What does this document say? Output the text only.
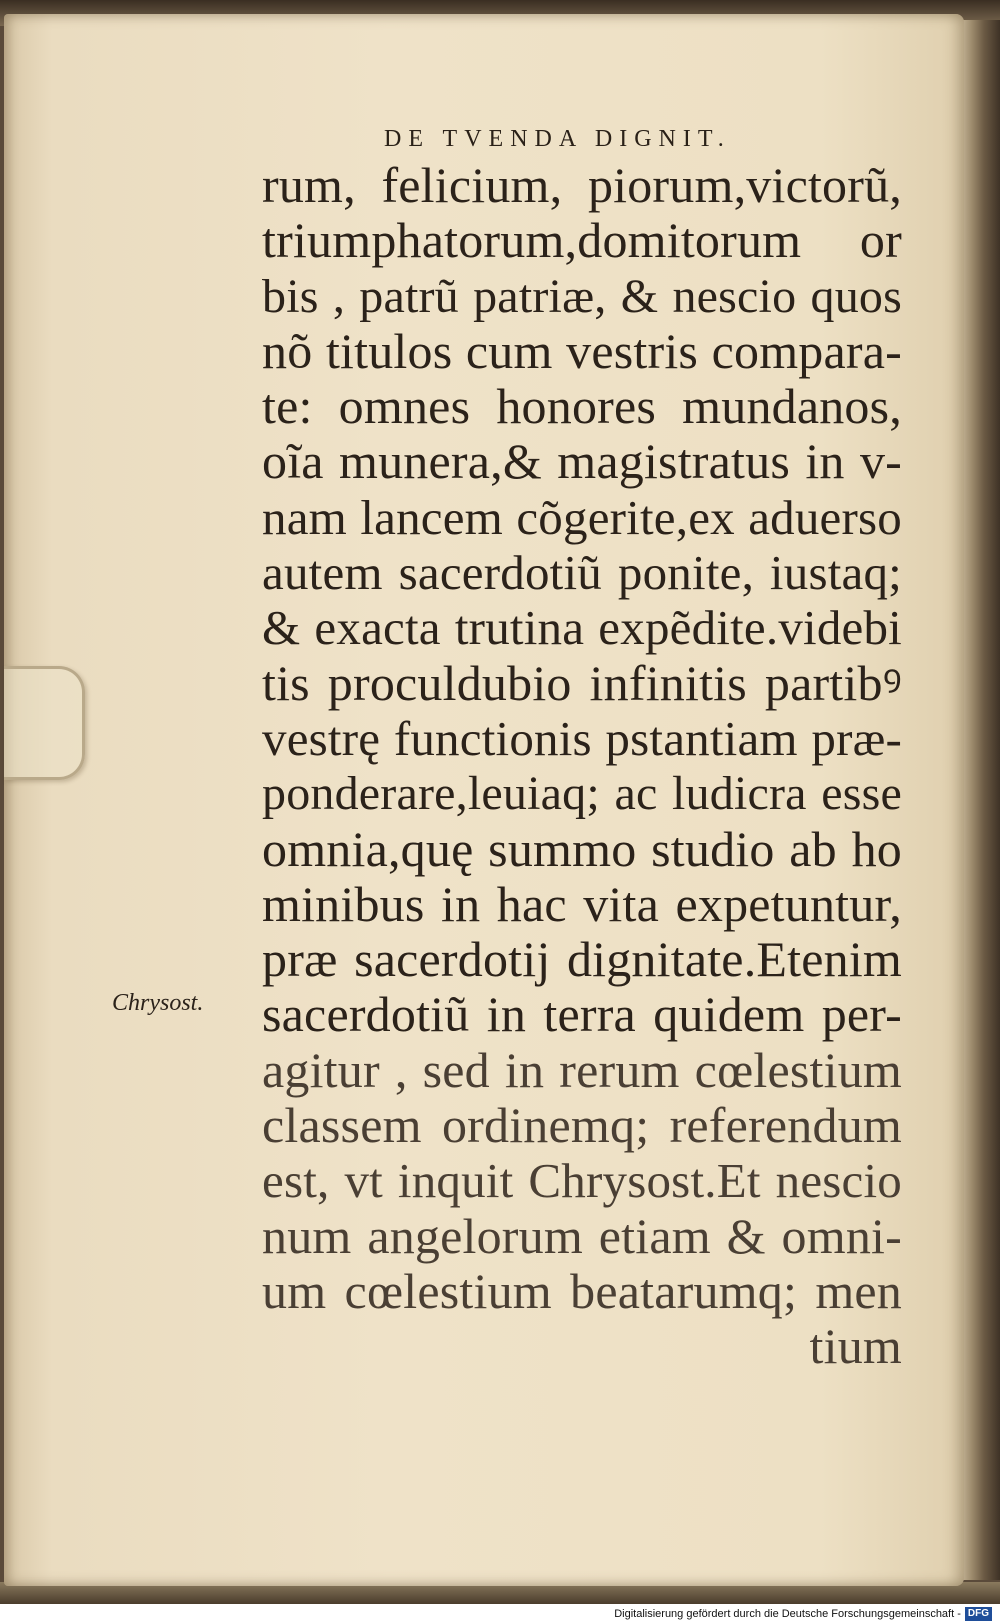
DE TVENDA DIGNIT.
rum, felicium, piorum,victorũ,
triumphatorum,domitorum or
bis , patrũ patriæ, & nescio quos
nõ titulos cum vestris compara-
te: omnes honores mundanos,
oĩa munera,& magistratus in v-
nam lancem cõgerite,ex aduerso
autem sacerdotiũ ponite, iustaq;
& exacta trutina expẽdite.videbi
tis proculdubio infinitis partibꝰ
vestrę functionis pstantiam præ-
ponderare,leuiaq; ac ludicra esse
omnia,quę summo studio ab ho
minibus in hac vita expetuntur,
præ sacerdotij dignitate.Etenim
sacerdotiũ in terra quidem per-
agitur , sed in rerum cœlestium
classem ordinemq; referendum
est, vt inquit Chrysost.Et nescio
num angelorum etiam & omni-
um cœlestium beatarumq; men
tium
Chrysost.
Digitalisierung gefördert durch die Deutsche Forschungsgemeinschaft - DFG
